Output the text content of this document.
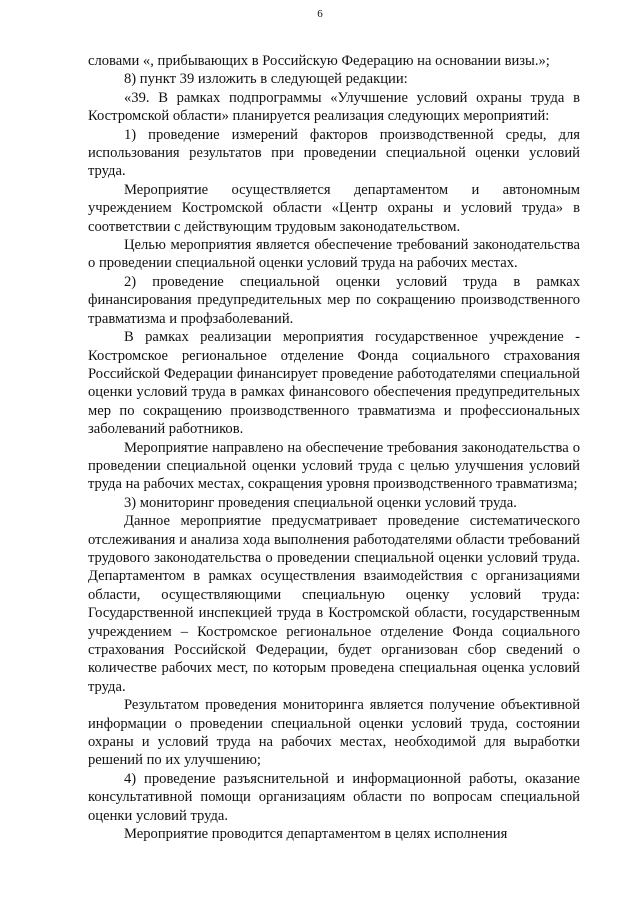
6

словами «, прибывающих в Российскую Федерацию на основании визы.»;

8) пункт 39 изложить в следующей редакции:

«39. В рамках подпрограммы «Улучшение условий охраны труда в Костромской области» планируется реализация следующих мероприятий:

1) проведение измерений факторов производственной среды, для использования результатов при проведении специальной оценки условий труда.

Мероприятие осуществляется департаментом и автономным учреждением Костромской области «Центр охраны и условий труда» в соответствии с действующим трудовым законодательством.

Целью мероприятия является обеспечение требований законодательства о проведении специальной оценки условий труда на рабочих местах.

2) проведение специальной оценки условий труда в рамках финансирования предупредительных мер по сокращению производственного травматизма и профзаболеваний.

В рамках реализации мероприятия государственное учреждение - Костромское региональное отделение Фонда социального страхования Российской Федерации финансирует проведение работодателями специальной оценки условий труда в рамках финансового обеспечения предупредительных мер по сокращению производственного травматизма и профессиональных заболеваний работников.

Мероприятие направлено на обеспечение требования законодательства о проведении специальной оценки условий труда с целью улучшения условий труда на рабочих местах, сокращения уровня производственного травматизма;

3) мониторинг проведения специальной оценки условий труда.

Данное мероприятие предусматривает проведение систематического отслеживания и анализа хода выполнения работодателями области требований трудового законодательства о проведении специальной оценки условий труда. Департаментом в рамках осуществления взаимодействия с организациями области, осуществляющими специальную оценку условий труда: Государственной инспекцией труда в Костромской области, государственным учреждением – Костромское региональное отделение Фонда социального страхования Российской Федерации, будет организован сбор сведений о количестве рабочих мест, по которым проведена специальная оценка условий труда.

Результатом проведения мониторинга является получение объективной информации о проведении специальной оценки условий труда, состоянии охраны и условий труда на рабочих местах, необходимой для выработки решений по их улучшению;

4) проведение разъяснительной и информационной работы, оказание консультативной помощи организациям области по вопросам специальной оценки условий труда.

Мероприятие проводится департаментом в целях исполнения
